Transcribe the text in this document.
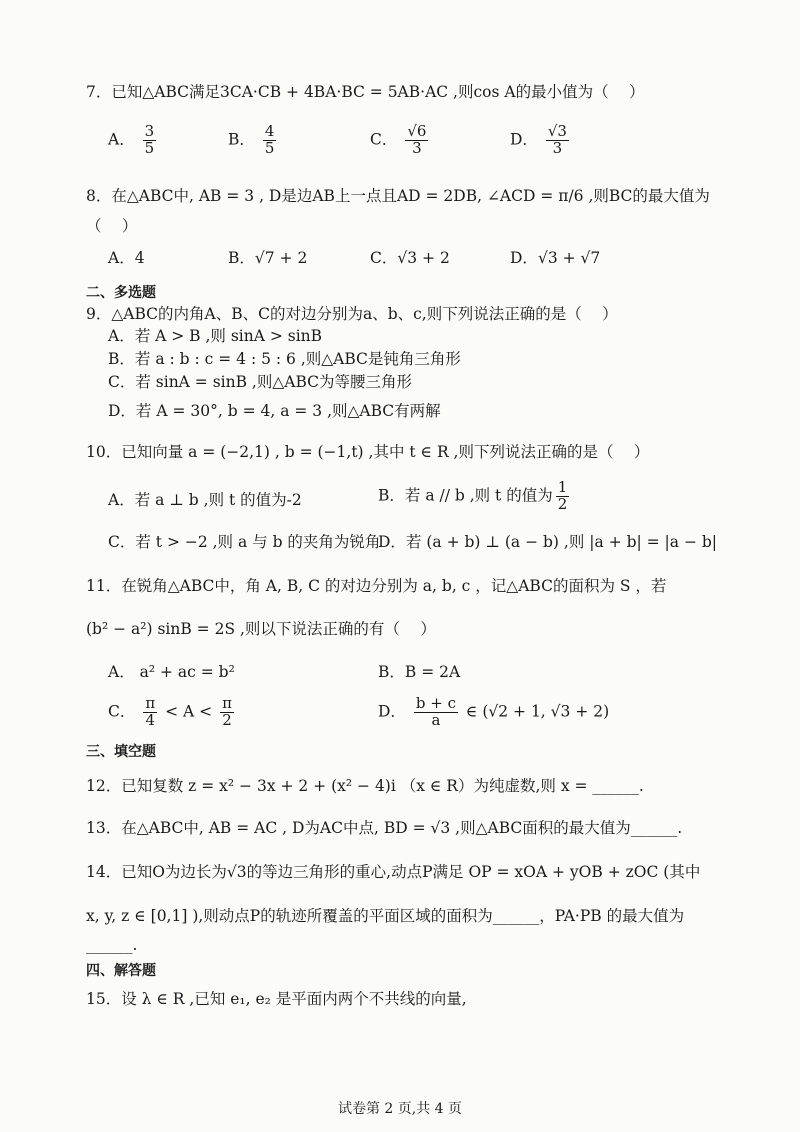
7．已知△ABC满足3CA·CB + 4BA·BC = 5AB·AC ,则cos A的最小值为（　 ）
A． $\frac{3}{5}$	B． $\frac{4}{5}$	C． $\frac{√6}{3}$	D． $\frac{√3}{3}$
8．在△ABC中, AB = 3 , D是边AB上一点且AD = 2DB, ∠ACD = π/6 ,则BC的最大值为
（　 ）
A．4	B．√7 + 2	C．√3 + 2	D．√3 + √7
二、多选题
9．△ABC的内角A、B、C的对边分别为a、b、c,则下列说法正确的是（　 ）
A．若 A > B ,则 sinA > sinB
B．若 a : b : c = 4 : 5 : 6 ,则△ABC是钝角三角形
C．若 sinA = sinB ,则△ABC为等腰三角形
D．若 A = 30°, b = 4, a = 3 ,则△ABC有两解
10．已知向量 a = (−2,1) , b = (−1,t) ,其中 t ∈ R ,则下列说法正确的是（　 ）
A．若 a ⊥ b ,则 t 的值为-2	B．若 a // b ,则 t 的值为 $\frac{1}{2}$
C．若 t > −2 ,则 a 与 b 的夹角为锐角
D．若 (a + b) ⊥ (a − b) ,则 |a + b| = |a − b|
11．在锐角△ABC中，角 A, B, C 的对边分别为 a, b, c ，记△ABC的面积为 S ，若
(b² − a²) sinB = 2S ,则以下说法正确的有（　 ）
A． a² + ac = b²	B．B = 2A
C． $\frac{\pi}{4} < A < \frac{\pi}{2}$	D． $\frac{b + c}{a}$ ∈ (√2 + 1, √3 + 2)
三、填空题
12．已知复数 z = x² − 3x + 2 + (x² − 4)i （x ∈ R）为纯虚数,则 x = ______.
13．在△ABC中, AB = AC , D为AC中点, BD = √3 ,则△ABC面积的最大值为______.
14．已知O为边长为√3的等边三角形的重心,动点P满足 OP = xOA + yOB + zOC (其中
x, y, z ∈ [0,1] ),则动点P的轨迹所覆盖的平面区域的面积为______，PA·PB 的最大值为
______.
四、解答题
15．设 λ ∈ R ,已知 e₁, e₂ 是平面内两个不共线的向量,
试卷第 2 页,共 4 页
